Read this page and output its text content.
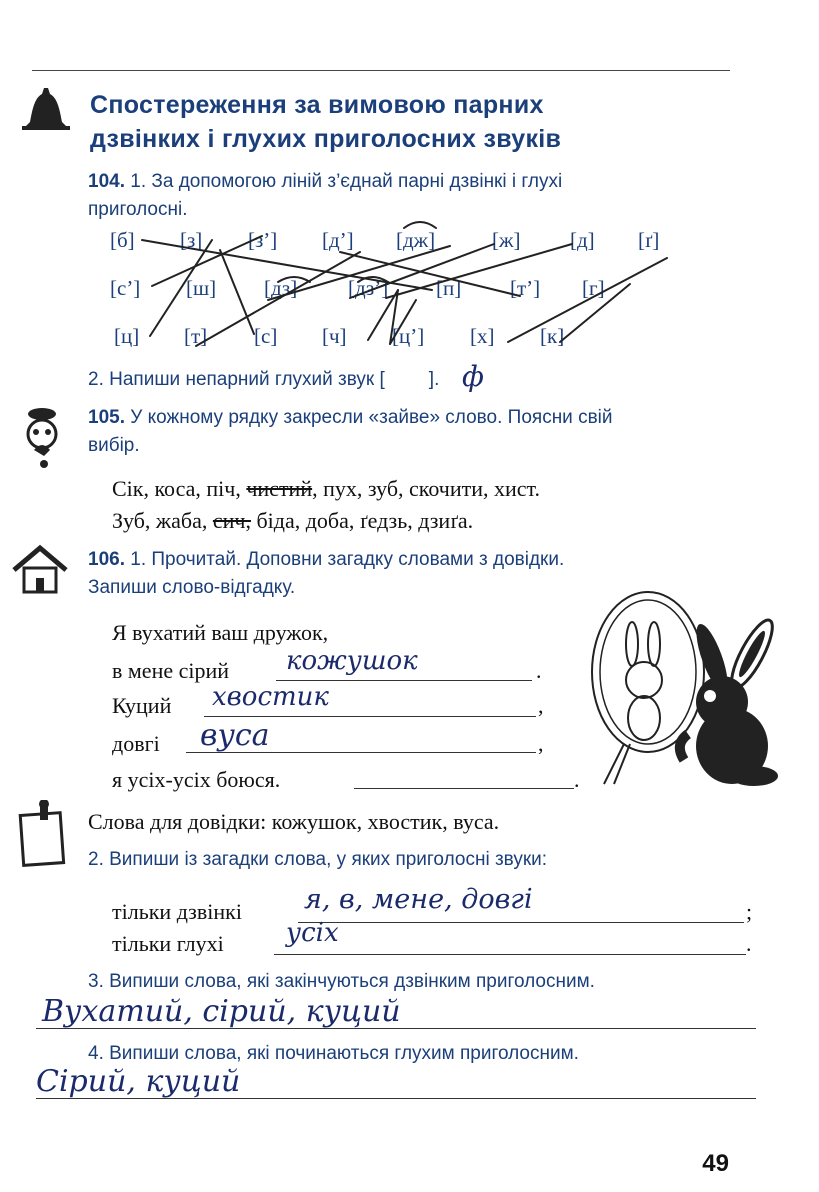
Спостереження за вимовою парних
дзвінких і глухих приголосних звуків
104. 1. За допомогою ліній з’єднай парні дзвінкі і глухі
приголосні.
[б] [з] [з’] [д’] [дж]	[ж] [д] [ґ]
[с’] [ш] [дз] [дз’] [п] [т’] [г]
[ц] [т] [с] [ч] [ц’] [х] [к]
2. Напиши непарний глухий звук [ ]. ф
105. У кожному рядку закресли «зайве» слово. Поясни свій
вибір.
Сік, коса, піч, чистий, пух, зуб, скочити, хист.
Зуб, жаба, сич, біда, доба, ґедзь, дзиґа.
106. 1. Прочитай. Доповни загадку словами з довідки.
Запиши слово-відгадку.
Я вухатий ваш дружок,
в мене сірий	.
кожушок
Куций	,
хвостик
довгі	,
вуса
я усіх-усіх боюся.	.
Слова для довідки: кожушок, хвостик, вуса.
2. Випиши із загадки слова, у яких приголосні звуки:
тільки дзвінкі	;
я, в, мене, довгі
тільки глухі	.
усіх
3. Випиши слова, які закінчуються дзвінким приголосним.
Вухатий, сірий, куций
4. Випиши слова, які починаються глухим приголосним.
Сірий, куций
49
